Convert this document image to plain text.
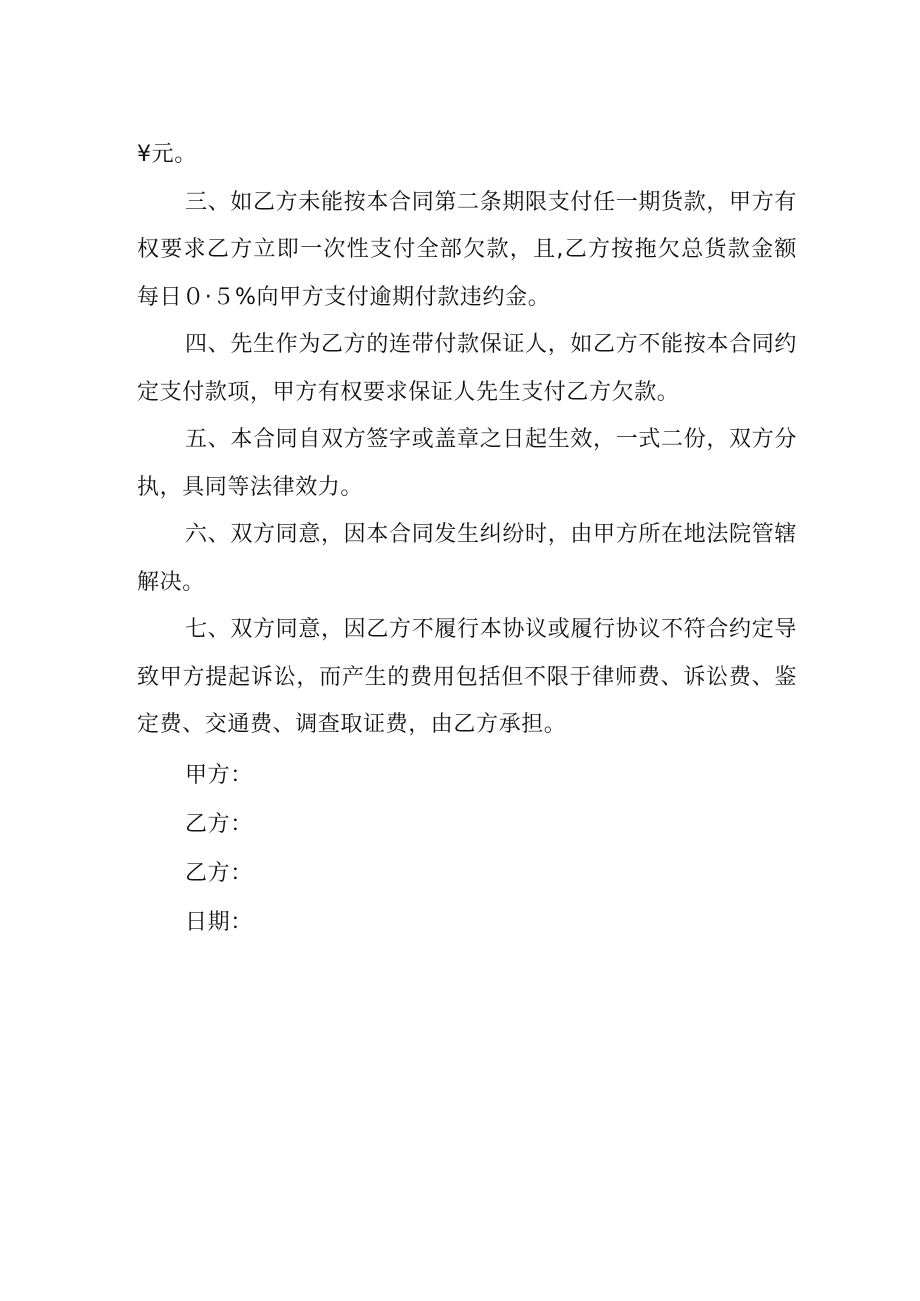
¥元。

三、如乙方未能按本合同第二条期限支付任一期货款，甲方有权要求乙方立即一次性支付全部欠款，且,乙方按拖欠总货款金额每日０·５%向甲方支付逾期付款违约金。

四、先生作为乙方的连带付款保证人，如乙方不能按本合同约定支付款项，甲方有权要求保证人先生支付乙方欠款。

五、本合同自双方签字或盖章之日起生效，一式二份，双方分执，具同等法律效力。

六、双方同意，因本合同发生纠纷时，由甲方所在地法院管辖解决。

七、双方同意，因乙方不履行本协议或履行协议不符合约定导致甲方提起诉讼，而产生的费用包括但不限于律师费、诉讼费、鉴定费、交通费、调查取证费，由乙方承担。

甲方：

乙方：

乙方：

日期：
